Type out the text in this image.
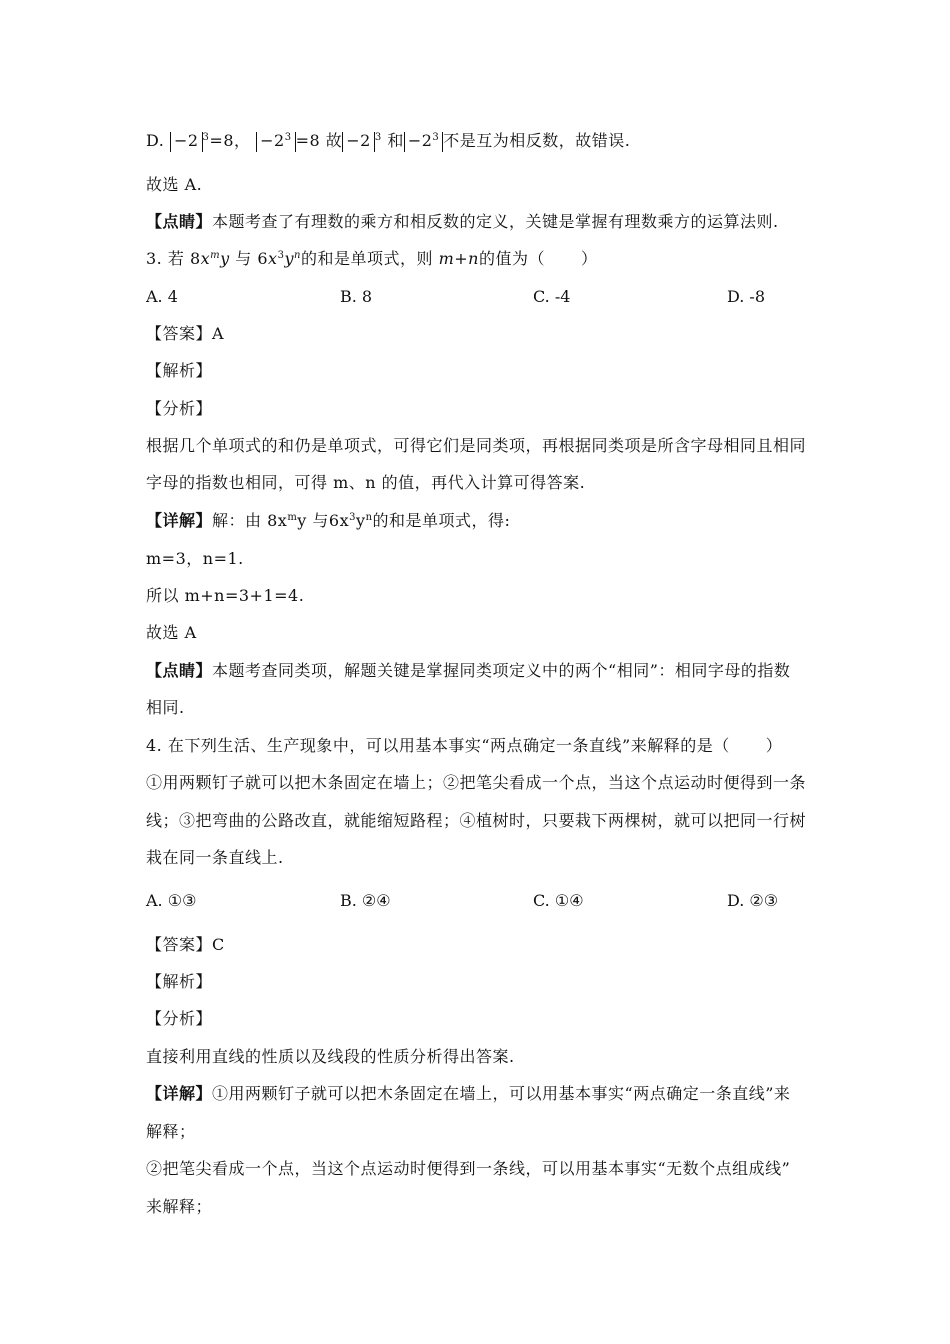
D. −2 $^3$=8， $-2^3 =8$ 故 −2 $^3$ 和 $-2^3$ 不是互为相反数，故错误.
故选 A.
【点睛】本题考查了有理数的乘方和相反数的定义，关键是掌握有理数乘方的运算法则.
3. 若 $8x^my$ 与 $6x^3y^n$的和是单项式，则 m+n的值为（ ）
A. 4	B. 8	C. -4	D. -8
【答案】A
【解析】
【分析】
根据几个单项式的和仍是单项式，可得它们是同类项，再根据同类项是所含字母相同且相同
字母的指数也相同，可得 m、n 的值，再代入计算可得答案.
【详解】解：由 $8x^my$ 与$6x^3y^n$的和是单项式，得:
m=3，n=1.
所以 m+n=3+1=4.
故选 A
【点睛】本题考查同类项，解题关键是掌握同类项定义中的两个“相同”：相同字母的指数
相同.
4. 在下列生活、生产现象中，可以用基本事实“两点确定一条直线”来解释的是（ ）
①用两颗钉子就可以把木条固定在墙上；②把笔尖看成一个点，当这个点运动时便得到一条
线；③把弯曲的公路改直，就能缩短路程；④植树时，只要栽下两棵树，就可以把同一行树
栽在同一条直线上.
A. ①③	B. ②④	C. ①④	D. ②③
【答案】C
【解析】
【分析】
直接利用直线的性质以及线段的性质分析得出答案.
【详解】①用两颗钉子就可以把木条固定在墙上，可以用基本事实“两点确定一条直线”来
解释；
②把笔尖看成一个点，当这个点运动时便得到一条线，可以用基本事实“无数个点组成线”
来解释；
